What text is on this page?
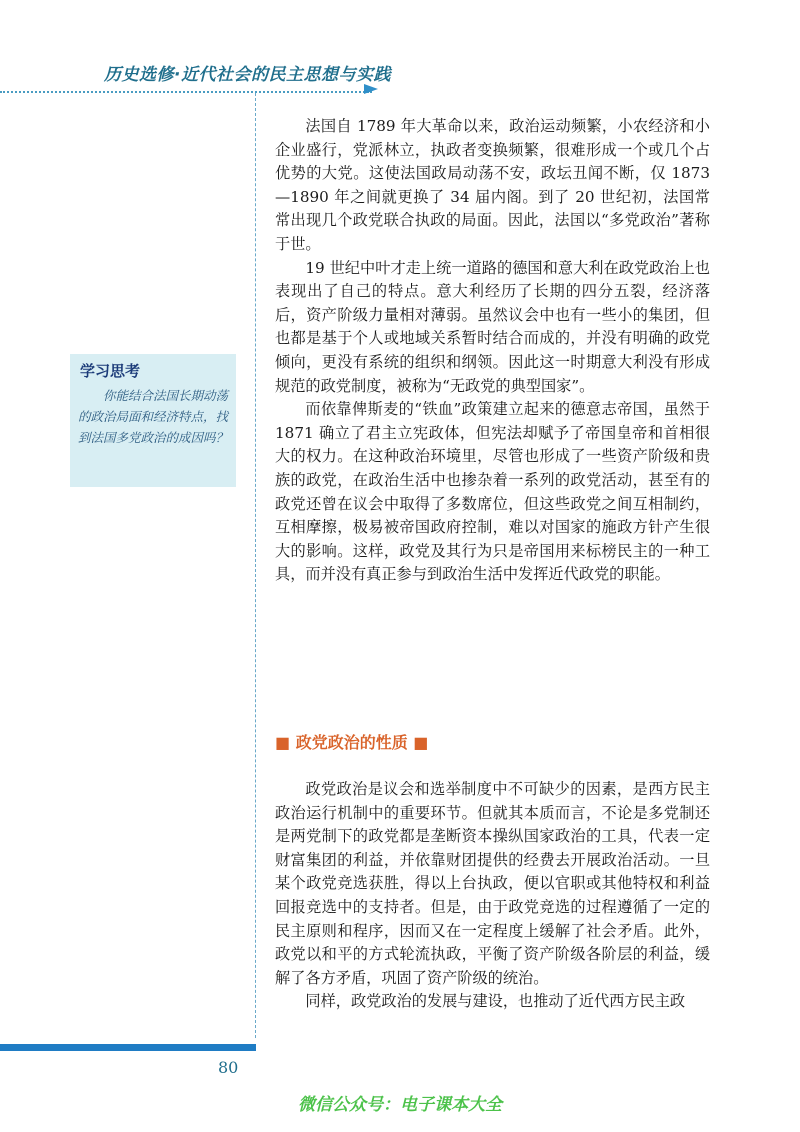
历史选修·近代社会的民主思想与实践
学习思考
你能结合法国长期动荡的政治局面和经济特点，找到法国多党政治的成因吗？

法国自 1789 年大革命以来，政治运动频繁，小农经济和小企业盛行，党派林立，执政者变换频繁，很难形成一个或几个占优势的大党。这使法国政局动荡不安，政坛丑闻不断，仅 1873—1890 年之间就更换了 34 届内阁。到了 20 世纪初，法国常常出现几个政党联合执政的局面。因此，法国以“多党政治”著称于世。

19 世纪中叶才走上统一道路的德国和意大利在政党政治上也表现出了自己的特点。意大利经历了长期的四分五裂，经济落后，资产阶级力量相对薄弱。虽然议会中也有一些小的集团，但也都是基于个人或地域关系暂时结合而成的，并没有明确的政党倾向，更没有系统的组织和纲领。因此这一时期意大利没有形成规范的政党制度，被称为“无政党的典型国家”。

而依靠俾斯麦的“铁血”政策建立起来的德意志帝国，虽然于 1871 确立了君主立宪政体，但宪法却赋予了帝国皇帝和首相很大的权力。在这种政治环境里，尽管也形成了一些资产阶级和贵族的政党，在政治生活中也掺杂着一系列的政党活动，甚至有的政党还曾在议会中取得了多数席位，但这些政党之间互相制约，互相摩擦，极易被帝国政府控制，难以对国家的施政方针产生很大的影响。这样，政党及其行为只是帝国用来标榜民主的一种工具，而并没有真正参与到政治生活中发挥近代政党的职能。

■ 政党政治的性质 ■

政党政治是议会和选举制度中不可缺少的因素，是西方民主政治运行机制中的重要环节。但就其本质而言，不论是多党制还是两党制下的政党都是垄断资本操纵国家政治的工具，代表一定财富集团的利益，并依靠财团提供的经费去开展政治活动。一旦某个政党竞选获胜，得以上台执政，便以官职或其他特权和利益回报竞选中的支持者。但是，由于政党竞选的过程遵循了一定的民主原则和程序，因而又在一定程度上缓解了社会矛盾。此外，政党以和平的方式轮流执政，平衡了资产阶级各阶层的利益，缓解了各方矛盾，巩固了资产阶级的统治。

同样，政党政治的发展与建设，也推动了近代西方民主政

80
微信公众号：电子课本大全
